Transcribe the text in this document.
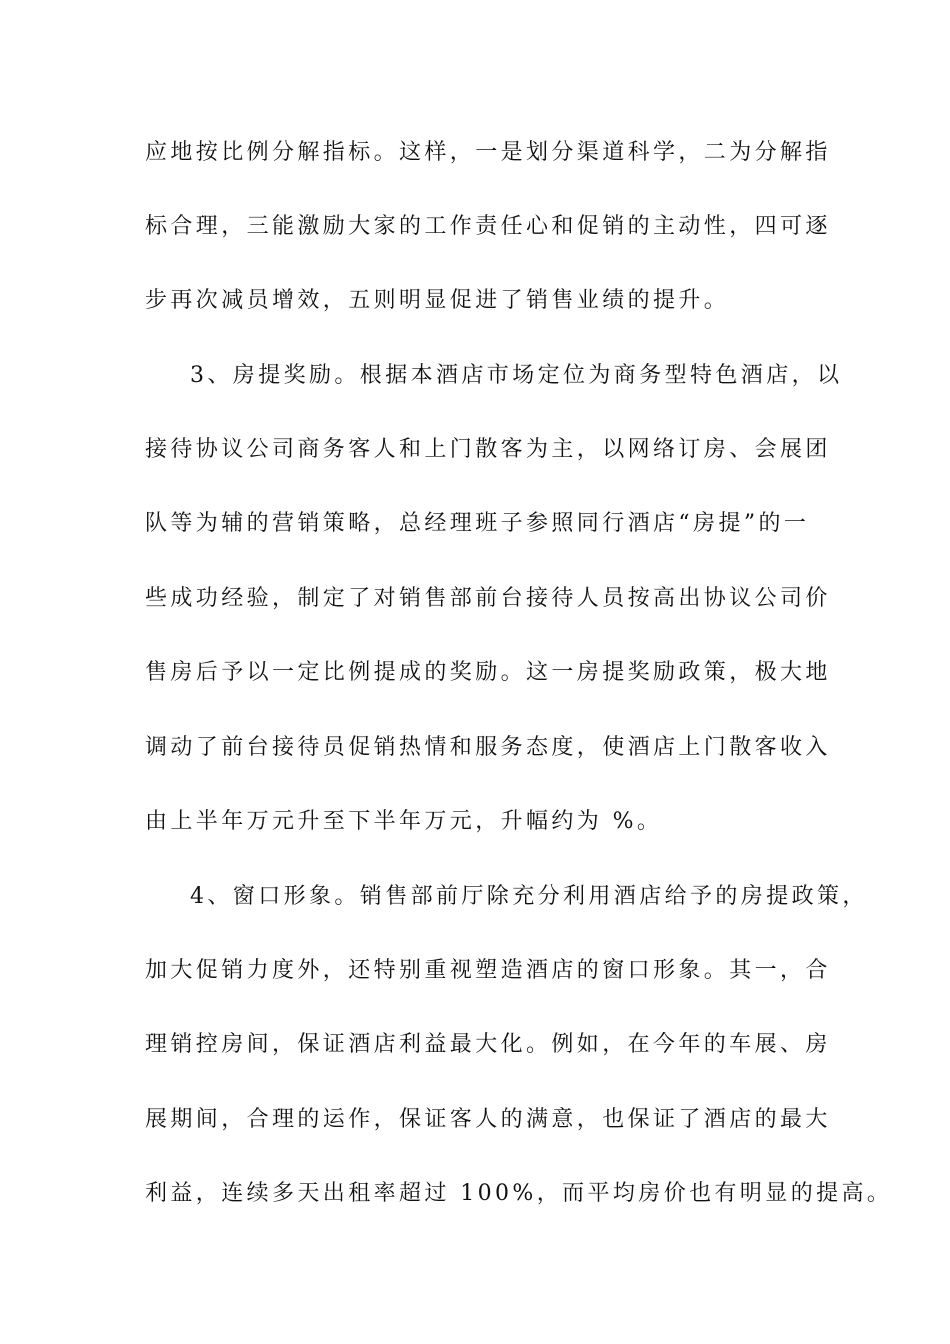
应地按比例分解指标。这样，一是划分渠道科学，二为分解指
标合理，三能激励大家的工作责任心和促销的主动性，四可逐
步再次减员增效，五则明显促进了销售业绩的提升。
3、房提奖励。根据本酒店市场定位为商务型特色酒店，以
接待协议公司商务客人和上门散客为主，以网络订房、会展团
队等为辅的营销策略，总经理班子参照同行酒店“房提”的一
些成功经验，制定了对销售部前台接待人员按高出协议公司价
售房后予以一定比例提成的奖励。这一房提奖励政策，极大地
调动了前台接待员促销热情和服务态度，使酒店上门散客收入
由上半年万元升至下半年万元，升幅约为 %。
4、窗口形象。销售部前厅除充分利用酒店给予的房提政策，
加大促销力度外，还特别重视塑造酒店的窗口形象。其一，合
理销控房间，保证酒店利益最大化。例如，在今年的车展、房
展期间，合理的运作，保证客人的满意，也保证了酒店的最大
利益，连续多天出租率超过 100%，而平均房价也有明显的提高。
